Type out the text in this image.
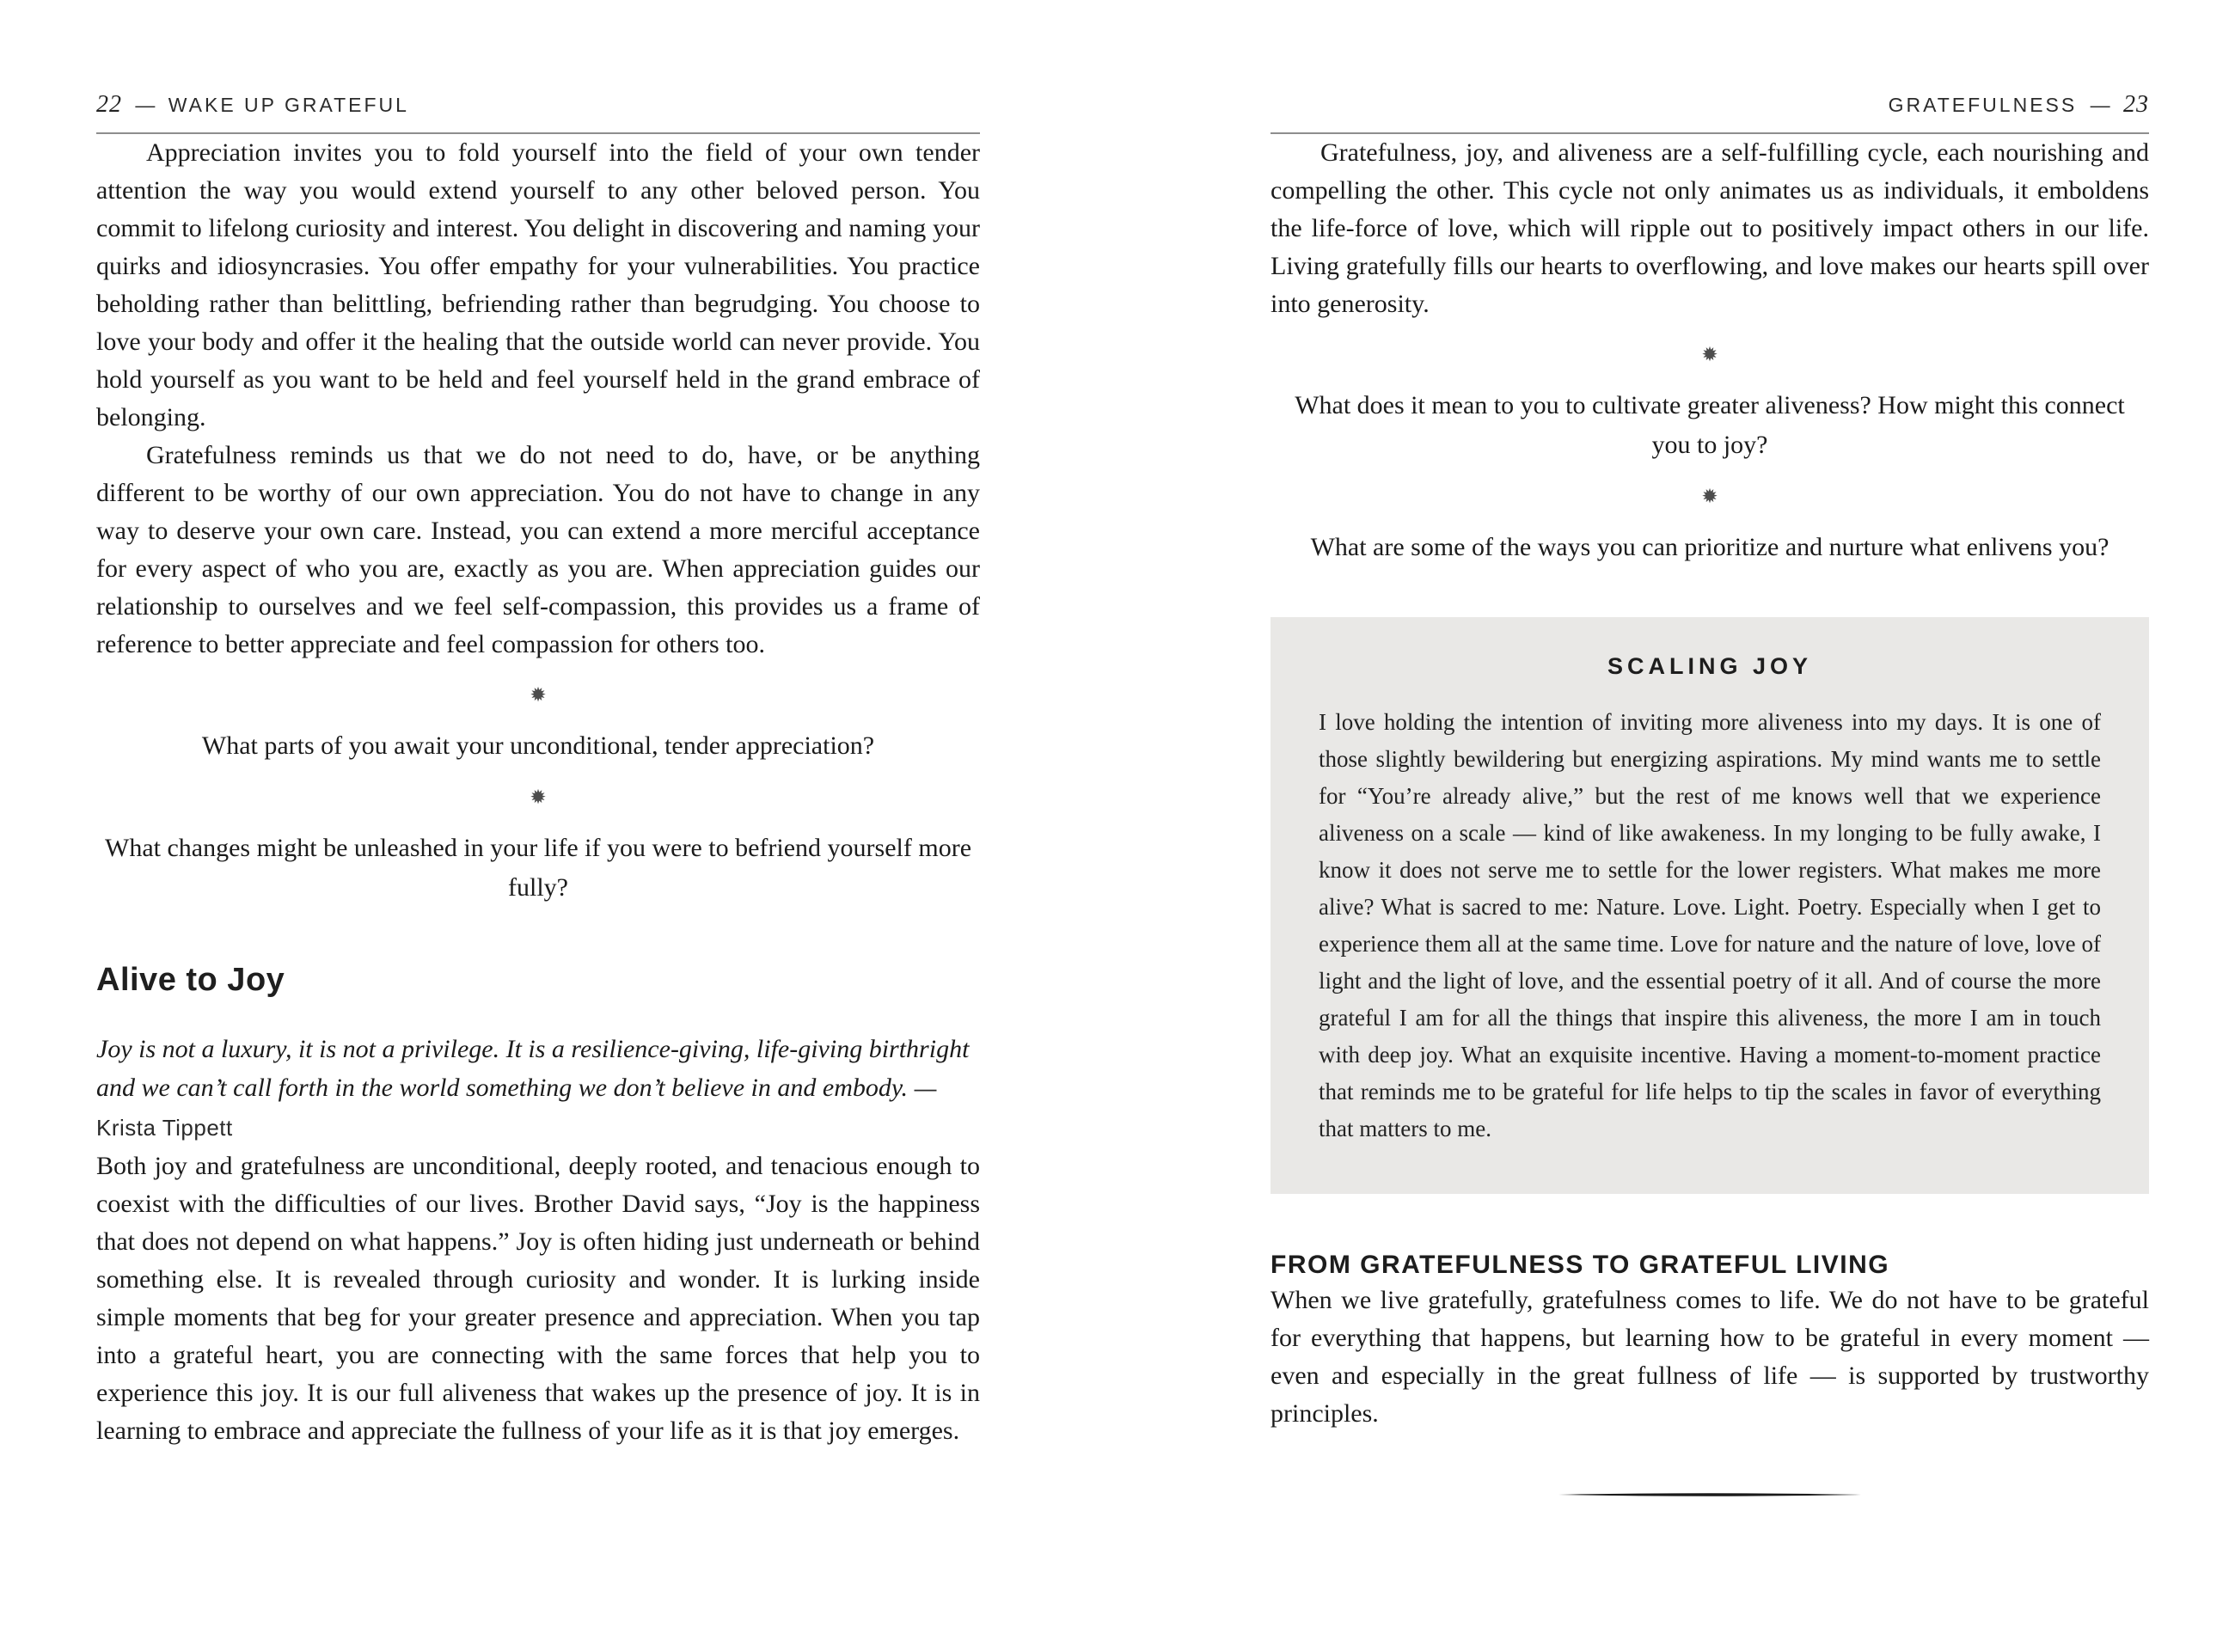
22 — WAKE UP GRATEFUL

Appreciation invites you to fold yourself into the field of your own tender attention the way you would extend yourself to any other beloved person. You commit to lifelong curiosity and interest. You delight in discovering and naming your quirks and idiosyncrasies. You offer empathy for your vulnerabilities. You practice beholding rather than belittling, befriending rather than begrudging. You choose to love your body and offer it the healing that the outside world can never provide. You hold yourself as you want to be held and feel yourself held in the grand embrace of belonging.

Gratefulness reminds us that we do not need to do, have, or be anything different to be worthy of our own appreciation. You do not have to change in any way to deserve your own care. Instead, you can extend a more merciful acceptance for every aspect of who you are, exactly as you are. When appreciation guides our relationship to ourselves and we feel self-compassion, this provides us a frame of reference to better appreciate and feel compassion for others too.

✹

What parts of you await your unconditional, tender appreciation?

✹

What changes might be unleashed in your life if you were to befriend yourself more fully?

Alive to Joy

Joy is not a luxury, it is not a privilege. It is a resilience-giving, life-giving birthright and we can’t call forth in the world something we don’t believe in and embody. — Krista Tippett

Both joy and gratefulness are unconditional, deeply rooted, and tenacious enough to coexist with the difficulties of our lives. Brother David says, “Joy is the happiness that does not depend on what happens.” Joy is often hiding just underneath or behind something else. It is revealed through curiosity and wonder. It is lurking inside simple moments that beg for your greater presence and appreciation. When you tap into a grateful heart, you are connecting with the same forces that help you to experience this joy. It is our full aliveness that wakes up the presence of joy. It is in learning to embrace and appreciate the fullness of your life as it is that joy emerges.

GRATEFULNESS — 23

Gratefulness, joy, and aliveness are a self-fulfilling cycle, each nourishing and compelling the other. This cycle not only animates us as individuals, it emboldens the life-force of love, which will ripple out to positively impact others in our life. Living gratefully fills our hearts to overflowing, and love makes our hearts spill over into generosity.

✹

What does it mean to you to cultivate greater aliveness? How might this connect you to joy?

✹

What are some of the ways you can prioritize and nurture what enlivens you?

SCALING JOY

I love holding the intention of inviting more aliveness into my days. It is one of those slightly bewildering but energizing aspirations. My mind wants me to settle for “You’re already alive,” but the rest of me knows well that we experience aliveness on a scale — kind of like awakeness. In my longing to be fully awake, I know it does not serve me to settle for the lower registers. What makes me more alive? What is sacred to me: Nature. Love. Light. Poetry. Especially when I get to experience them all at the same time. Love for nature and the nature of love, love of light and the light of love, and the essential poetry of it all. And of course the more grateful I am for all the things that inspire this aliveness, the more I am in touch with deep joy. What an exquisite incentive. Having a moment-to-moment practice that reminds me to be grateful for life helps to tip the scales in favor of everything that matters to me.

FROM GRATEFULNESS TO GRATEFUL LIVING

When we live gratefully, gratefulness comes to life. We do not have to be grateful for everything that happens, but learning how to be grateful in every moment — even and especially in the great fullness of life — is supported by trustworthy principles.
